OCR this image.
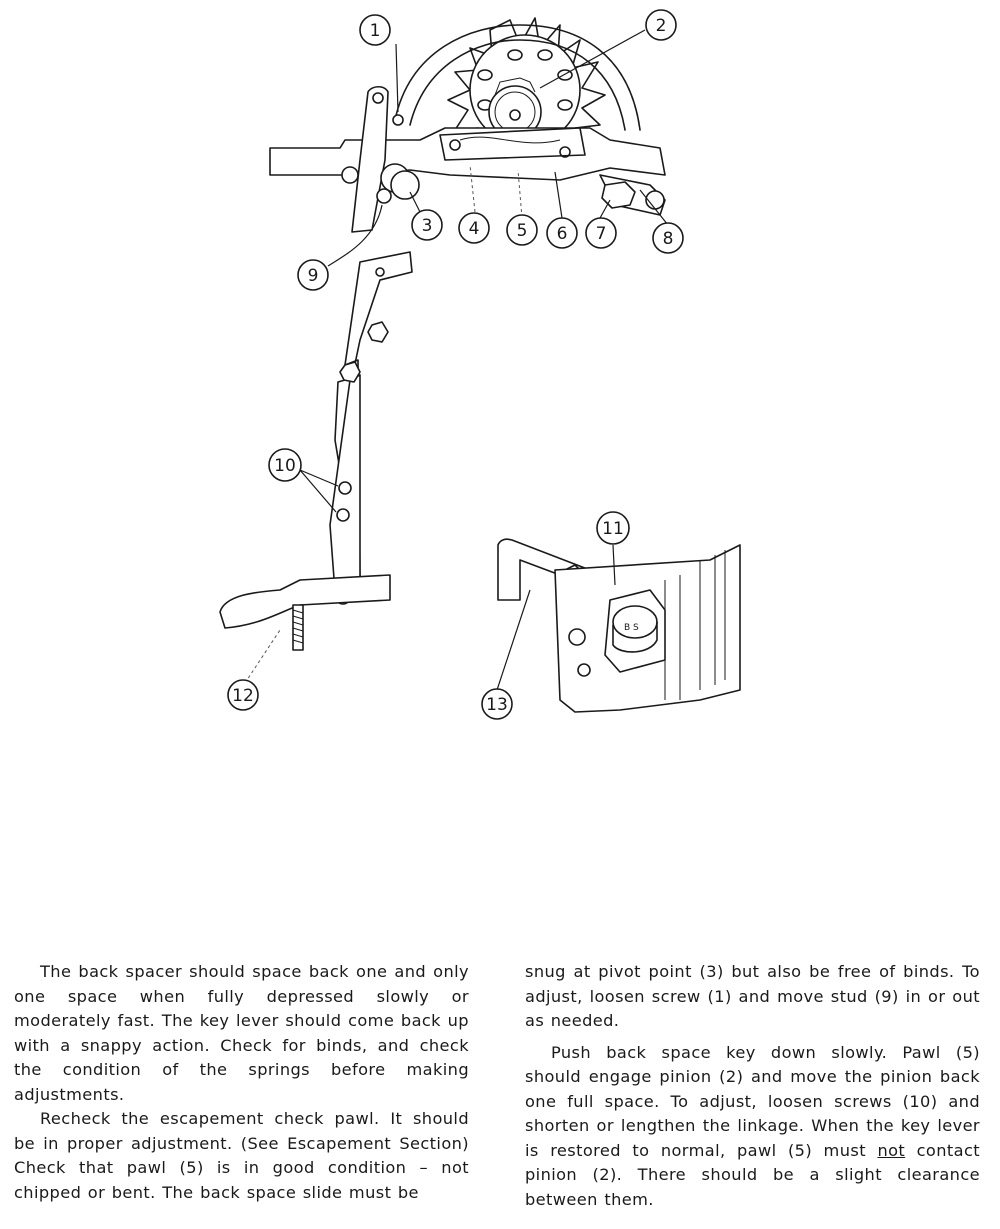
B S
1	2
3 4 5 6 7	8
9
10
11
12	13

The back spacer should space back one and only one space when fully depressed slowly or moderately fast. The key lever should come back up with a snappy action. Check for binds, and check the condition of the springs before making adjustments.

Recheck the escapement check pawl. It should be in proper adjustment. (See Escapement Section) Check that pawl (5) is in good condition – not chipped or bent. The back space slide must be

snug at pivot point (3) but also be free of binds. To adjust, loosen screw (1) and move stud (9) in or out as needed.

Push back space key down slowly. Pawl (5) should engage pinion (2) and move the pinion back one full space. To adjust, loosen screws (10) and shorten or lengthen the linkage. When the key lever is restored to normal, pawl (5) must not contact pinion (2). There should be a slight clearance between them.
